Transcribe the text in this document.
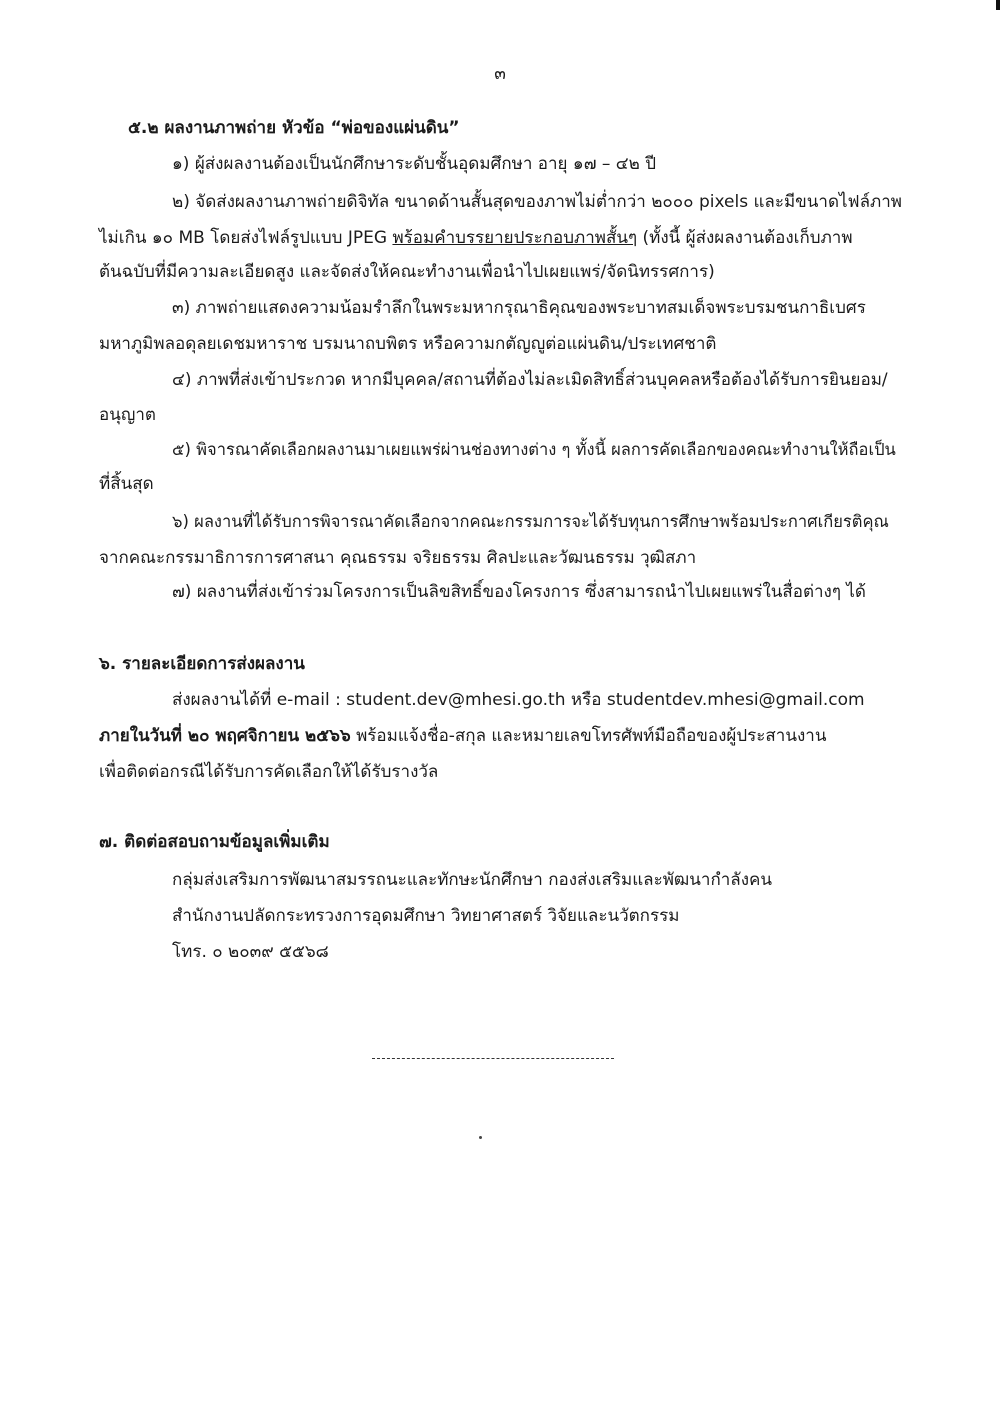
๓
๕.๒ ผลงานภาพถ่าย หัวข้อ “พ่อของแผ่นดิน”
๑) ผู้ส่งผลงานต้องเป็นนักศึกษาระดับชั้นอุดมศึกษา อายุ ๑๗ – ๔๒ ปี
๒) จัดส่งผลงานภาพถ่ายดิจิทัล ขนาดด้านสั้นสุดของภาพไม่ต่ำกว่า ๒๐๐๐ pixels และมีขนาดไฟล์ภาพ
ไม่เกิน ๑๐ MB โดยส่งไฟล์รูปแบบ JPEG พร้อมคำบรรยายประกอบภาพสั้นๆ (ทั้งนี้ ผู้ส่งผลงานต้องเก็บภาพ
ต้นฉบับที่มีความละเอียดสูง และจัดส่งให้คณะทำงานเพื่อนำไปเผยแพร่/จัดนิทรรศการ)
๓) ภาพถ่ายแสดงความน้อมรำลึกในพระมหากรุณาธิคุณของพระบาทสมเด็จพระบรมชนกาธิเบศร
มหาภูมิพลอดุลยเดชมหาราช บรมนาถบพิตร หรือความกตัญญูต่อแผ่นดิน/ประเทศชาติ
๔) ภาพที่ส่งเข้าประกวด หากมีบุคคล/สถานที่ต้องไม่ละเมิดสิทธิ์ส่วนบุคคลหรือต้องได้รับการยินยอม/
อนุญาต
๕) พิจารณาคัดเลือกผลงานมาเผยแพร่ผ่านช่องทางต่าง ๆ ทั้งนี้ ผลการคัดเลือกของคณะทำงานให้ถือเป็น
ที่สิ้นสุด
๖) ผลงานที่ได้รับการพิจารณาคัดเลือกจากคณะกรรมการจะได้รับทุนการศึกษาพร้อมประกาศเกียรติคุณ
จากคณะกรรมาธิการการศาสนา คุณธรรม จริยธรรม ศิลปะและวัฒนธรรม วุฒิสภา
๗) ผลงานที่ส่งเข้าร่วมโครงการเป็นลิขสิทธิ์ของโครงการ ซึ่งสามารถนำไปเผยแพร่ในสื่อต่างๆ ได้
๖. รายละเอียดการส่งผลงาน
ส่งผลงานได้ที่ e-mail : student.dev@mhesi.go.th หรือ studentdev.mhesi@gmail.com
ภายในวันที่ ๒๐ พฤศจิกายน ๒๕๖๖ พร้อมแจ้งชื่อ-สกุล และหมายเลขโทรศัพท์มือถือของผู้ประสานงาน
เพื่อติดต่อกรณีได้รับการคัดเลือกให้ได้รับรางวัล
๗. ติดต่อสอบถามข้อมูลเพิ่มเติม
กลุ่มส่งเสริมการพัฒนาสมรรถนะและทักษะนักศึกษา กองส่งเสริมและพัฒนากำลังคน
สำนักงานปลัดกระทรวงการอุดมศึกษา วิทยาศาสตร์ วิจัยและนวัตกรรม
โทร. ๐ ๒๐๓๙ ๕๕๖๘
